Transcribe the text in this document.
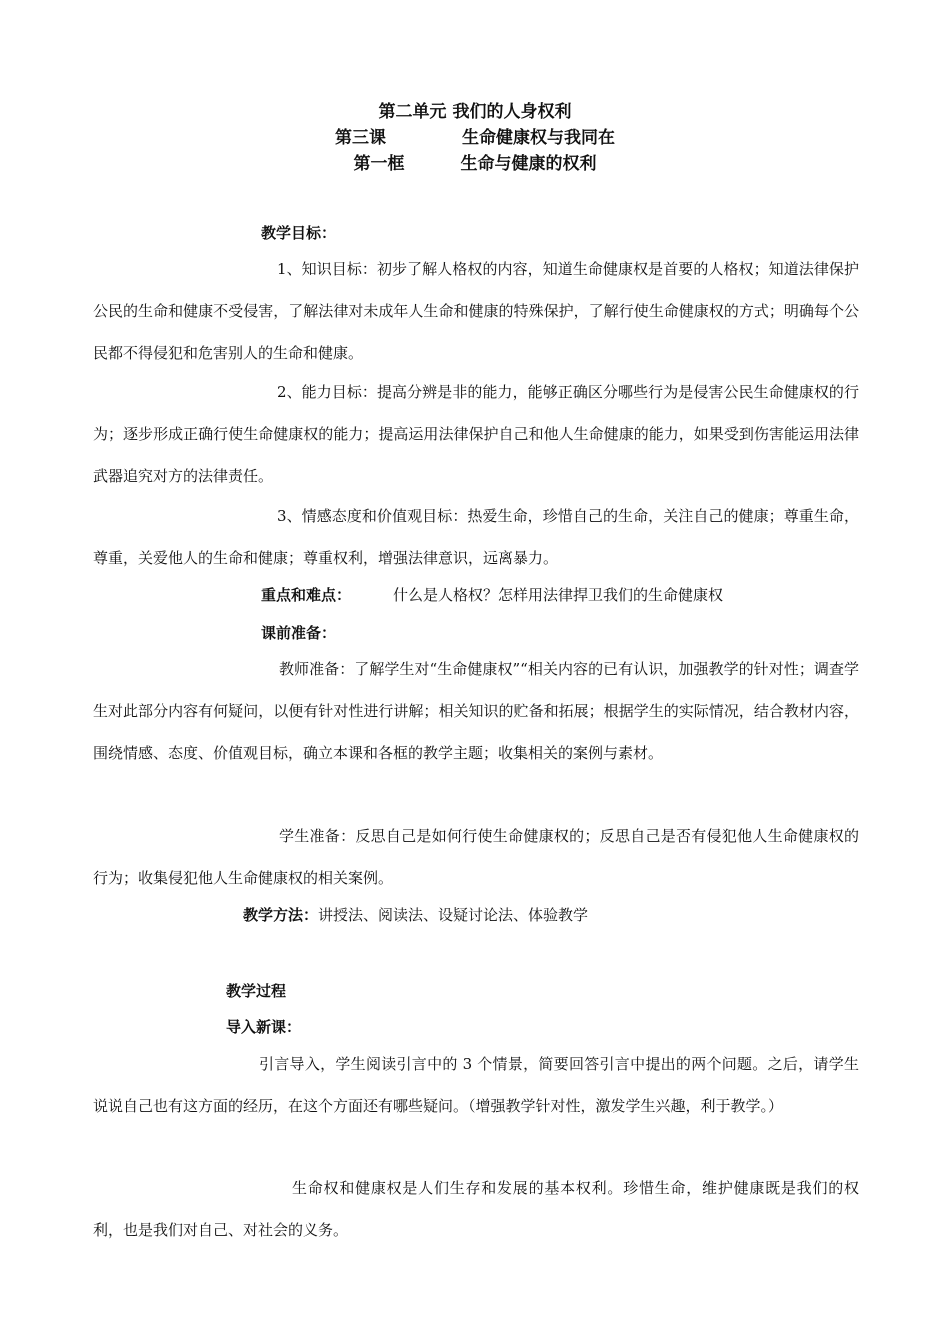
第二单元 我们的人身权利
第三课	生命健康权与我同在
第一框	生命与健康的权利
教学目标：
1、知识目标：初步了解人格权的内容，知道生命健康权是首要的人格权；知道法律保护公民的生命和健康不受侵害，了解法律对未成年人生命和健康的特殊保护，了解行使生命健康权的方式；明确每个公民都不得侵犯和危害别人的生命和健康。
2、能力目标：提高分辨是非的能力，能够正确区分哪些行为是侵害公民生命健康权的行为；逐步形成正确行使生命健康权的能力；提高运用法律保护自己和他人生命健康的能力，如果受到伤害能运用法律武器追究对方的法律责任。
3、情感态度和价值观目标：热爱生命，珍惜自己的生命，关注自己的健康；尊重生命，尊重，关爱他人的生命和健康；尊重权利，增强法律意识，远离暴力。
重点和难点：	什么是人格权？怎样用法律捍卫我们的生命健康权
课前准备：
教师准备：了解学生对“生命健康权”“相关内容的已有认识，加强教学的针对性；调查学生对此部分内容有何疑问，以便有针对性进行讲解；相关知识的贮备和拓展；根据学生的实际情况，结合教材内容，围绕情感、态度、价值观目标，确立本课和各框的教学主题；收集相关的案例与素材。
学生准备：反思自己是如何行使生命健康权的；反思自己是否有侵犯他人生命健康权的行为；收集侵犯他人生命健康权的相关案例。
教学方法：讲授法、阅读法、设疑讨论法、体验教学
教学过程
导入新课：
引言导入，学生阅读引言中的 3 个情景，简要回答引言中提出的两个问题。之后，请学生说说自己也有这方面的经历，在这个方面还有哪些疑问。（增强教学针对性，激发学生兴趣，利于教学。）
生命权和健康权是人们生存和发展的基本权利。珍惜生命，维护健康既是我们的权利，也是我们对自己、对社会的义务。
